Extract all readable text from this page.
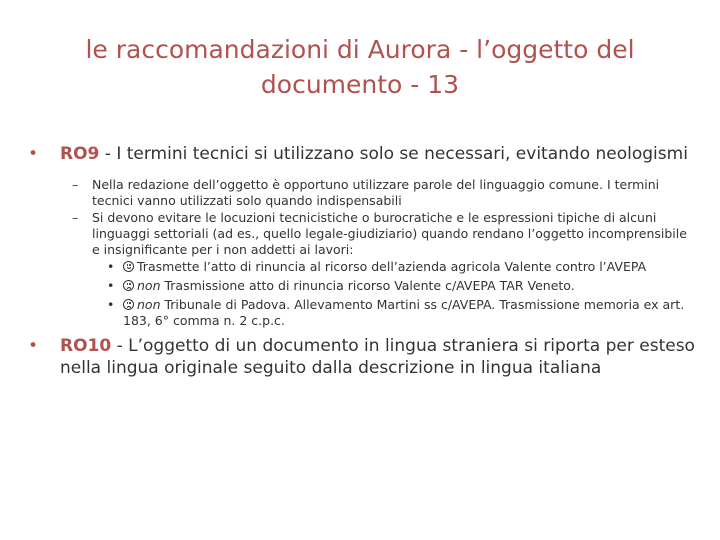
le raccomandazioni di Aurora - l’oggetto del documento - 13
• RO9 - I termini tecnici si utilizzano solo se necessari, evitando neologismi
– Nella redazione dell’oggetto è opportuno utilizzare parole del linguaggio comune. I termini tecnici vanno utilizzati solo quando indispensabili
– Si devono evitare le locuzioni tecnicistiche o burocratiche e le espressioni tipiche di alcuni linguaggi settoriali (ad es., quello legale-giudiziario) quando rendano l’oggetto incomprensibile e insignificante per i non addetti ai lavori:
• Trasmette l’atto di rinuncia al ricorso dell’azienda agricola Valente contro l’AVEPA
• non Trasmissione atto di rinuncia ricorso Valente c/AVEPA TAR Veneto.
• non Tribunale di Padova. Allevamento Martini ss c/AVEPA. Trasmissione memoria ex art. 183, 6° comma n. 2 c.p.c.
• RO10 - L’oggetto di un documento in lingua straniera si riporta per esteso nella lingua originale seguito dalla descrizione in lingua italiana
